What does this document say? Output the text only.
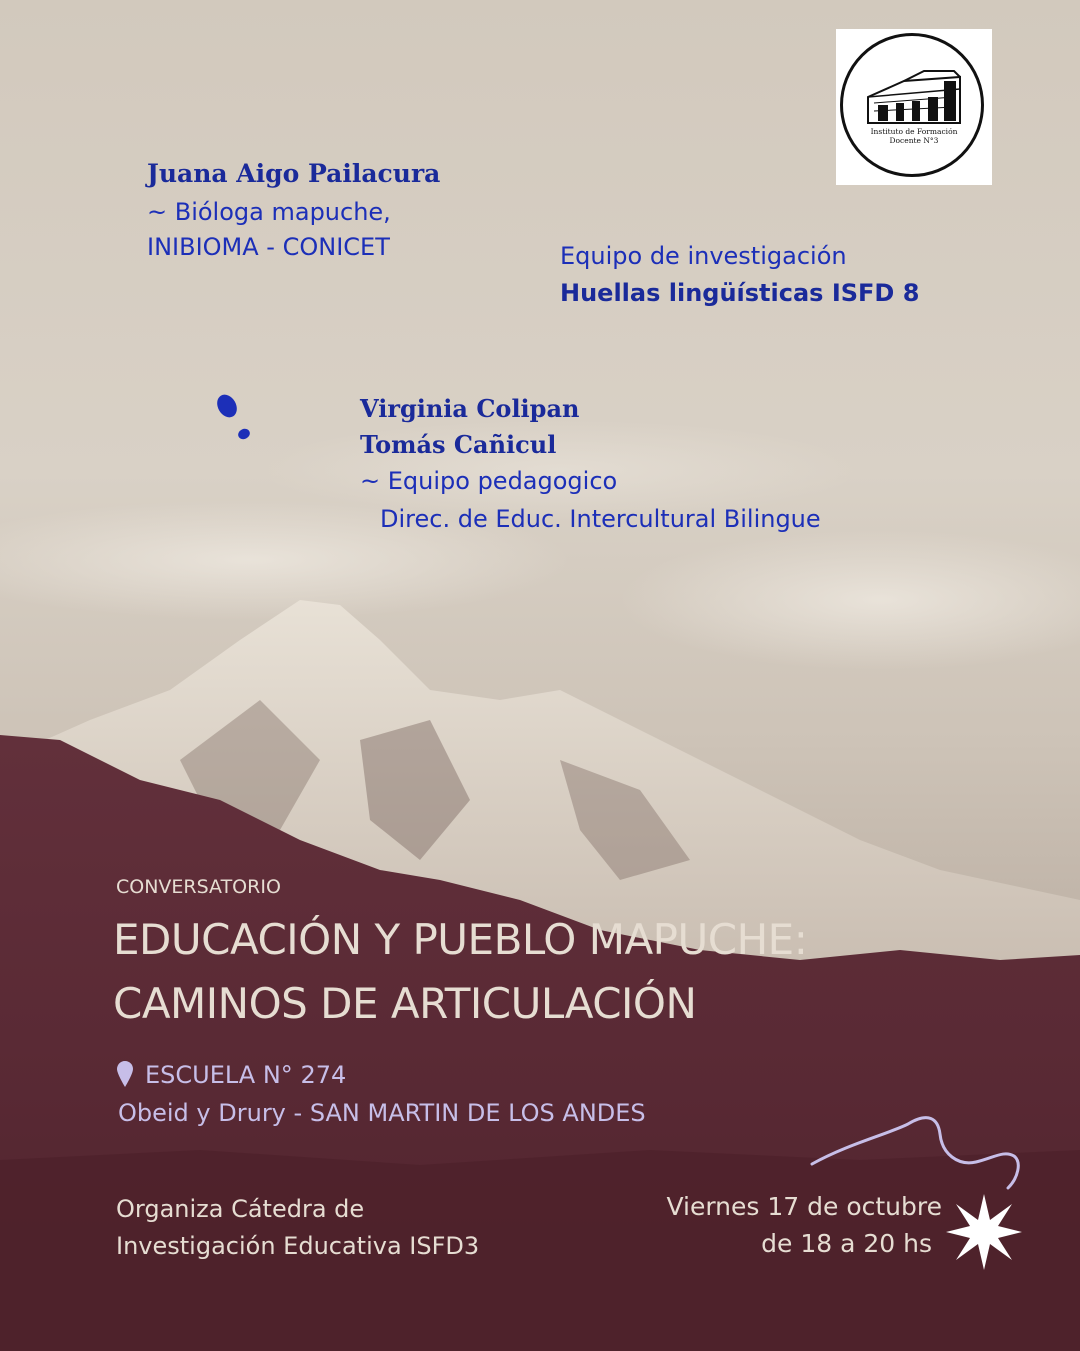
Instituto de Formación
Docente N°3
Juana Aigo Pailacura
~ Bióloga mapuche,
INIBIOMA - CONICET	Equipo de investigación
Huellas lingüísticas ISFD 8
Virginia Colipan
Tomás Cañicul
~ Equipo pedagogico
Direc. de Educ. Intercultural Bilingue
CONVERSATORIO
EDUCACIÓN Y PUEBLO MAPUCHE:
CAMINOS DE ARTICULACIÓN
ESCUELA N° 274
Obeid y Drury - SAN MARTIN DE LOS ANDES
Organiza Cátedra de
Investigación Educativa ISFD3
Viernes 17 de octubre
de 18 a 20 hs
